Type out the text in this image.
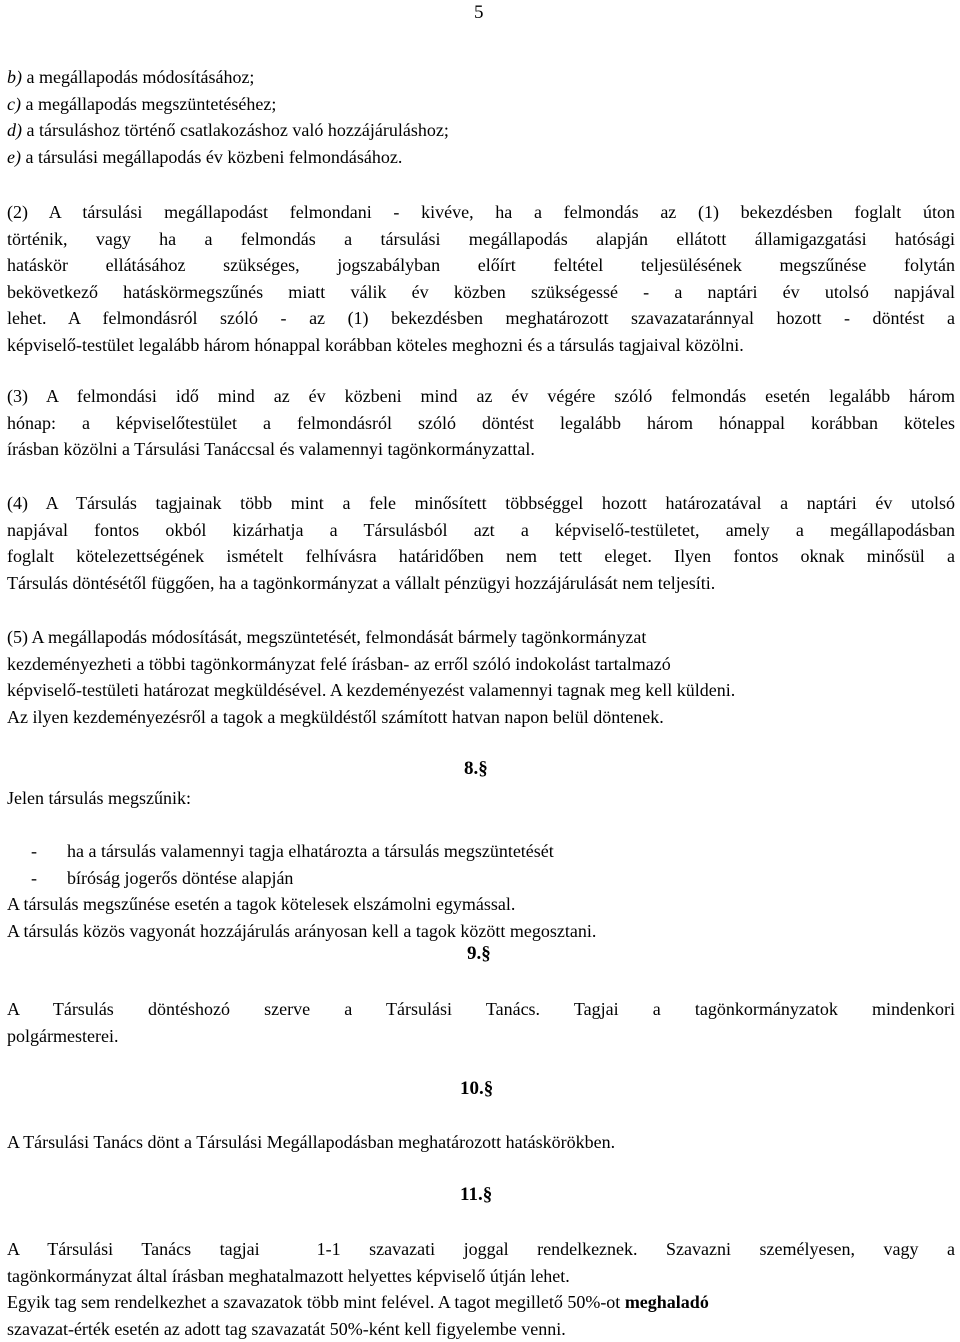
5
b) a megállapodás módosításához;
c) a megállapodás megszüntetéséhez;
d) a társuláshoz történő csatlakozáshoz való hozzájáruláshoz;
e) a társulási megállapodás év közbeni felmondásához.
(2) A társulási megállapodást felmondani - kivéve, ha a felmondás az (1) bekezdésben foglalt úton
történik, vagy ha a felmondás a társulási megállapodás alapján ellátott államigazgatási hatósági
hatáskör ellátásához szükséges, jogszabályban előírt feltétel teljesülésének megszűnése folytán
bekövetkező hatáskörmegszűnés miatt válik év közben szükségessé - a naptári év utolsó napjával
lehet. A felmondásról szóló - az (1) bekezdésben meghatározott szavazataránnyal hozott - döntést a
képviselő-testület legalább három hónappal korábban köteles meghozni és a társulás tagjaival közölni.
(3) A felmondási idő mind az év közbeni mind az év végére szóló felmondás esetén legalább három
hónap: a képviselőtestület a felmondásról szóló döntést legalább három hónappal korábban köteles
írásban közölni a Társulási Tanáccsal és valamennyi tagönkormányzattal.
(4) A Társulás tagjainak több mint a fele minősített többséggel hozott határozatával a naptári év utolsó
napjával fontos okból kizárhatja a Társulásból azt a képviselő-testületet, amely a megállapodásban
foglalt kötelezettségének ismételt felhívásra határidőben nem tett eleget. Ilyen fontos oknak minősül a
Társulás döntésétől függően, ha a tagönkormányzat a vállalt pénzügyi hozzájárulását nem teljesíti.
(5) A megállapodás módosítását, megszüntetését, felmondását bármely tagönkormányzat
kezdeményezheti a többi tagönkormányzat felé írásban- az erről szóló indokolást tartalmazó
képviselő-testületi határozat megküldésével. A kezdeményezést valamennyi tagnak meg kell küldeni.
Az ilyen kezdeményezésről a tagok a megküldéstől számított hatvan napon belül döntenek.
8.§
Jelen társulás megszűnik:
- ha a társulás valamennyi tagja elhatározta a társulás megszüntetését
- bíróság jogerős döntése alapján
A társulás megszűnése esetén a tagok kötelesek elszámolni egymással.
A társulás közös vagyonát hozzájárulás arányosan kell a tagok között megosztani.
9.§
A Társulás döntéshozó szerve a Társulási Tanács. Tagjai a tagönkormányzatok mindenkori
polgármesterei.
10.§
A Társulási Tanács dönt a Társulási Megállapodásban meghatározott hatáskörökben.
11.§
A Társulási Tanács tagjai  1-1 szavazati joggal rendelkeznek. Szavazni személyesen, vagy a
tagönkormányzat által írásban meghatalmazott helyettes képviselő útján lehet.
Egyik tag sem rendelkezhet a szavazatok több mint felével. A tagot megillető 50%-ot meghaladó
szavazat-érték esetén az adott tag szavazatát 50%-ként kell figyelembe venni.
